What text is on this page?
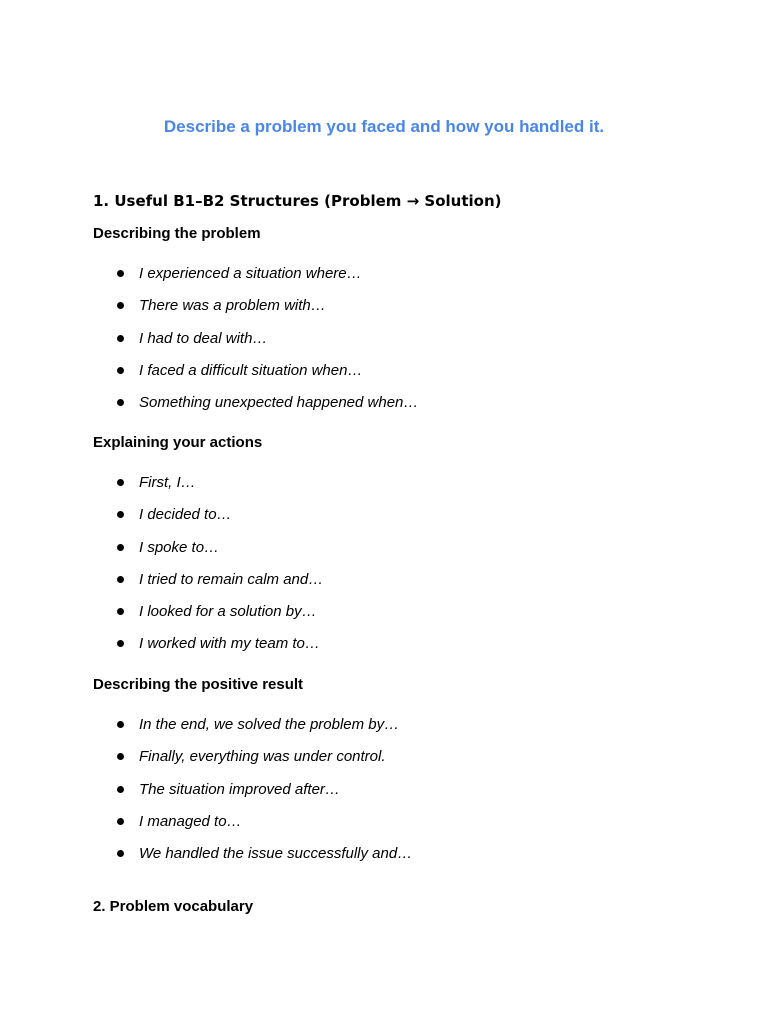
Describe a problem you faced and how you handled it.
1. Useful B1–B2 Structures (Problem → Solution)
Describing the problem
I experienced a situation where…
There was a problem with…
I had to deal with…
I faced a difficult situation when…
Something unexpected happened when…
Explaining your actions
First, I…
I decided to…
I spoke to…
I tried to remain calm and…
I looked for a solution by…
I worked with my team to…
Describing the positive result
In the end, we solved the problem by…
Finally, everything was under control.
The situation improved after…
I managed to…
We handled the issue successfully and…
2. Problem vocabulary
